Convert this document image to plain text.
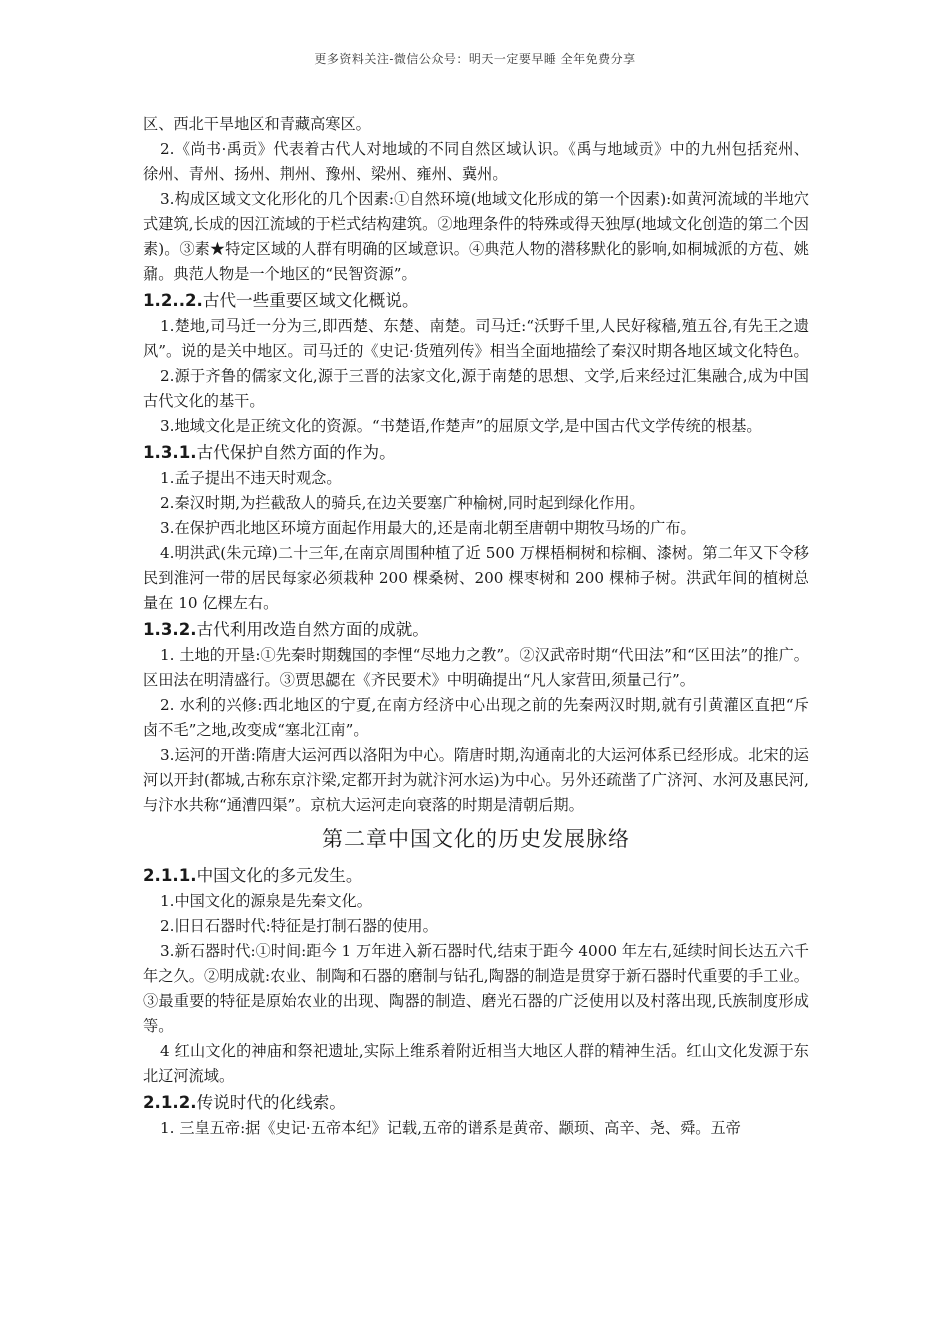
更多资料关注-微信公众号：明天一定要早睡 全年免费分享

区、西北干旱地区和青藏高寒区。

2.《尚书·禹贡》代表着古代人对地域的不同自然区域认识。《禹与地域贡》中的九州包括兖州、徐州、青州、扬州、荆州、豫州、梁州、雍州、冀州。

3.构成区域文文化形化的几个因素:①自然环境(地域文化形成的第一个因素):如黄河流域的半地穴式建筑,长成的因江流域的于栏式结构建筑。②地理条件的特殊或得天独厚(地域文化创造的第二个因素)。③素★特定区域的人群有明确的区域意识。④典范人物的潜移默化的影响,如桐城派的方苞、姚鼐。典范人物是一个地区的“民智资源”。

1.2..2.古代一些重要区域文化概说。

1.楚地,司马迁一分为三,即西楚、东楚、南楚。司马迁:“沃野千里,人民好稼穑,殖五谷,有先王之遗风”。说的是关中地区。司马迁的《史记·货殖列传》相当全面地描绘了秦汉时期各地区域文化特色。

2.源于齐鲁的儒家文化,源于三晋的法家文化,源于南楚的思想、文学,后来经过汇集融合,成为中国古代文化的基干。

3.地域文化是正统文化的资源。“书楚语,作楚声”的屈原文学,是中国古代文学传统的根基。

1.3.1.古代保护自然方面的作为。

1.孟子提出不违天时观念。

2.秦汉时期,为拦截敌人的骑兵,在边关要塞广种榆树,同时起到绿化作用。

3.在保护西北地区环境方面起作用最大的,还是南北朝至唐朝中期牧马场的广布。

4.明洪武(朱元璋)二十三年,在南京周围种植了近 500 万棵梧桐树和棕榈、漆树。第二年又下令移民到淮河一带的居民每家必须栽种 200 棵桑树、200 棵枣树和 200 棵柿子树。洪武年间的植树总量在 10 亿棵左右。

1.3.2.古代利用改造自然方面的成就。

1. 土地的开垦:①先秦时期魏国的李悝“尽地力之教”。②汉武帝时期“代田法”和“区田法”的推广。区田法在明清盛行。③贾思勰在《齐民要术》中明确提出“凡人家营田,须量己行”。

2. 水利的兴修:西北地区的宁夏,在南方经济中心出现之前的先秦两汉时期,就有引黄灌区直把“斥卤不毛”之地,改变成“塞北江南”。

3.运河的开凿:隋唐大运河西以洛阳为中心。隋唐时期,沟通南北的大运河体系已经形成。北宋的运河以开封(都城,古称东京汴梁,定都开封为就汴河水运)为中心。另外还疏凿了广济河、水河及惠民河,与汴水共称“通漕四渠”。京杭大运河走向衰落的时期是清朝后期。

第二章中国文化的历史发展脉络

2.1.1.中国文化的多元发生。

1.中国文化的源泉是先秦文化。

2.旧日石器时代:特征是打制石器的使用。

3.新石器时代:①时间:距今 1 万年进入新石器时代,结束于距今 4000 年左右,延续时间长达五六千年之久。②明成就:农业、制陶和石器的磨制与钻孔,陶器的制造是贯穿于新石器时代重要的手工业。③最重要的特征是原始农业的出现、陶器的制造、磨光石器的广泛使用以及村落出现,氏族制度形成等。

4 红山文化的神庙和祭祀遗址,实际上维系着附近相当大地区人群的精神生活。红山文化发源于东北辽河流域。

2.1.2.传说时代的化线索。

1. 三皇五帝:据《史记·五帝本纪》记载,五帝的谱系是黄帝、颛顼、高辛、尧、舜。五帝
